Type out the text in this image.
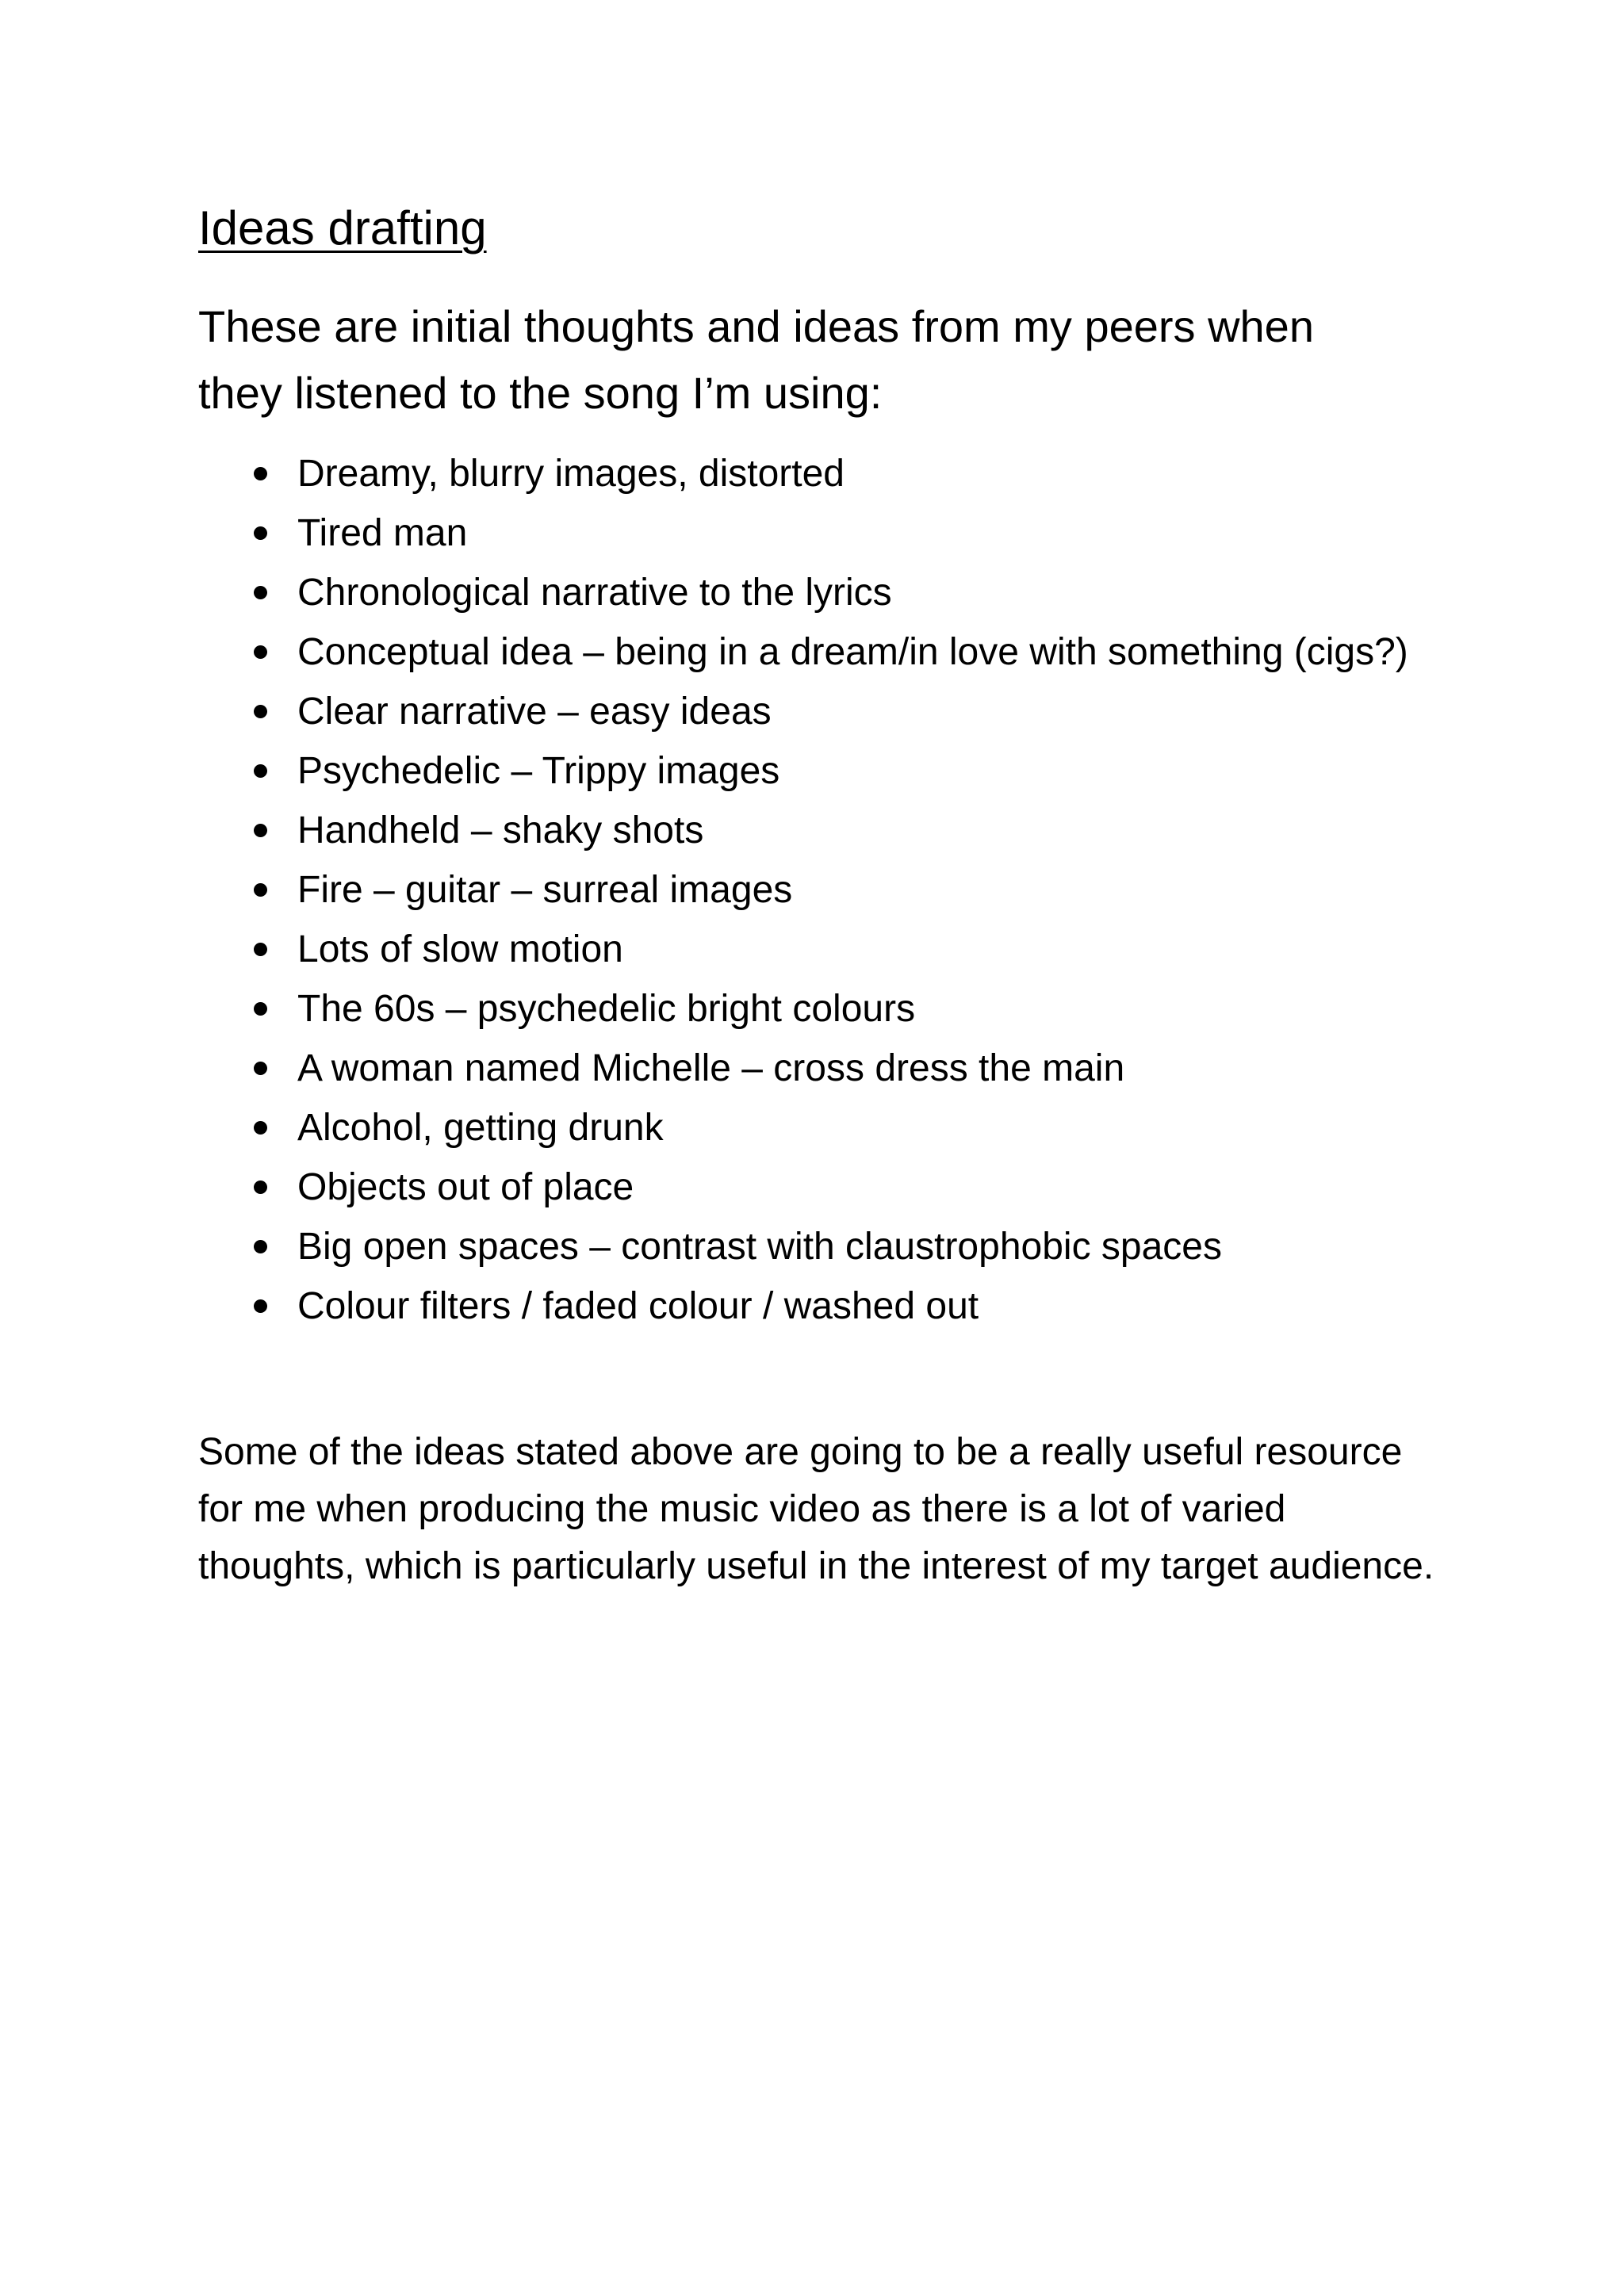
Ideas drafting

These are initial thoughts and ideas from my peers when they listened to the song I’m using:

Dreamy, blurry images, distorted
Tired man
Chronological narrative to the lyrics
Conceptual idea – being in a dream/in love with something (cigs?)
Clear narrative – easy ideas
Psychedelic – Trippy images
Handheld – shaky shots
Fire – guitar – surreal images
Lots of slow motion
The 60s – psychedelic bright colours
A woman named Michelle – cross dress the main
Alcohol, getting drunk
Objects out of place
Big open spaces – contrast with claustrophobic spaces
Colour filters / faded colour / washed out

Some of the ideas stated above are going to be a really useful resource for me when producing the music video as there is a lot of varied thoughts, which is particularly useful in the interest of my target audience.
